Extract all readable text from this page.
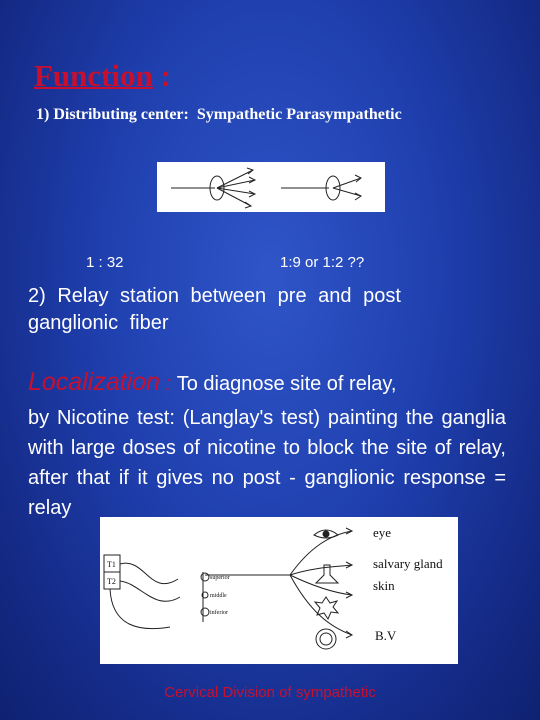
Function :
1) Distributing center:  Sympathetic Parasympathetic
1 : 32	1:9 or 1:2 ??
2) Relay station between pre and post ganglionic fiber
Localization : To diagnose site of relay,
by Nicotine test: (Langlay's test) painting the ganglia with large doses of nicotine to block the site of relay, after that if it gives no post - ganglionic response = relay
T1
T2	superior
middle
inferior
eye
salvary gland
skin
B.V
Cervical Division of sympathetic
